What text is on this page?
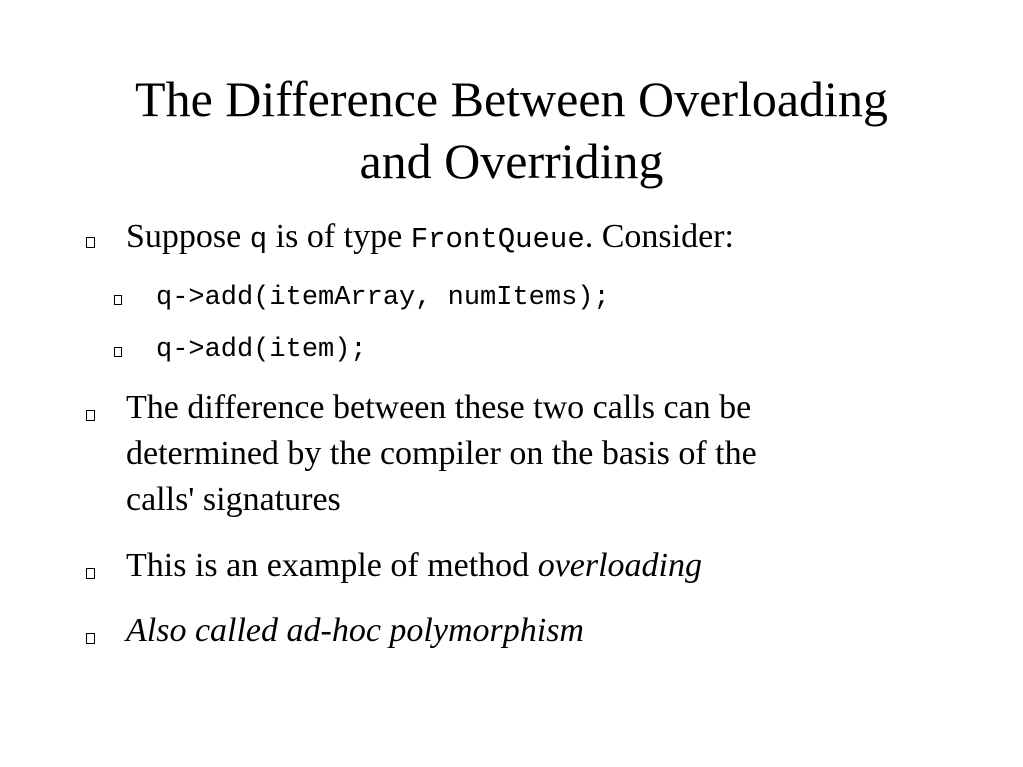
The Difference Between Overloading
and Overriding
Suppose q is of type FrontQueue. Consider:
q->add(itemArray, numItems);
q->add(item);
The difference between these two calls can be
determined by the compiler on the basis of the
calls' signatures
This is an example of method overloading
Also called ad-hoc polymorphism
